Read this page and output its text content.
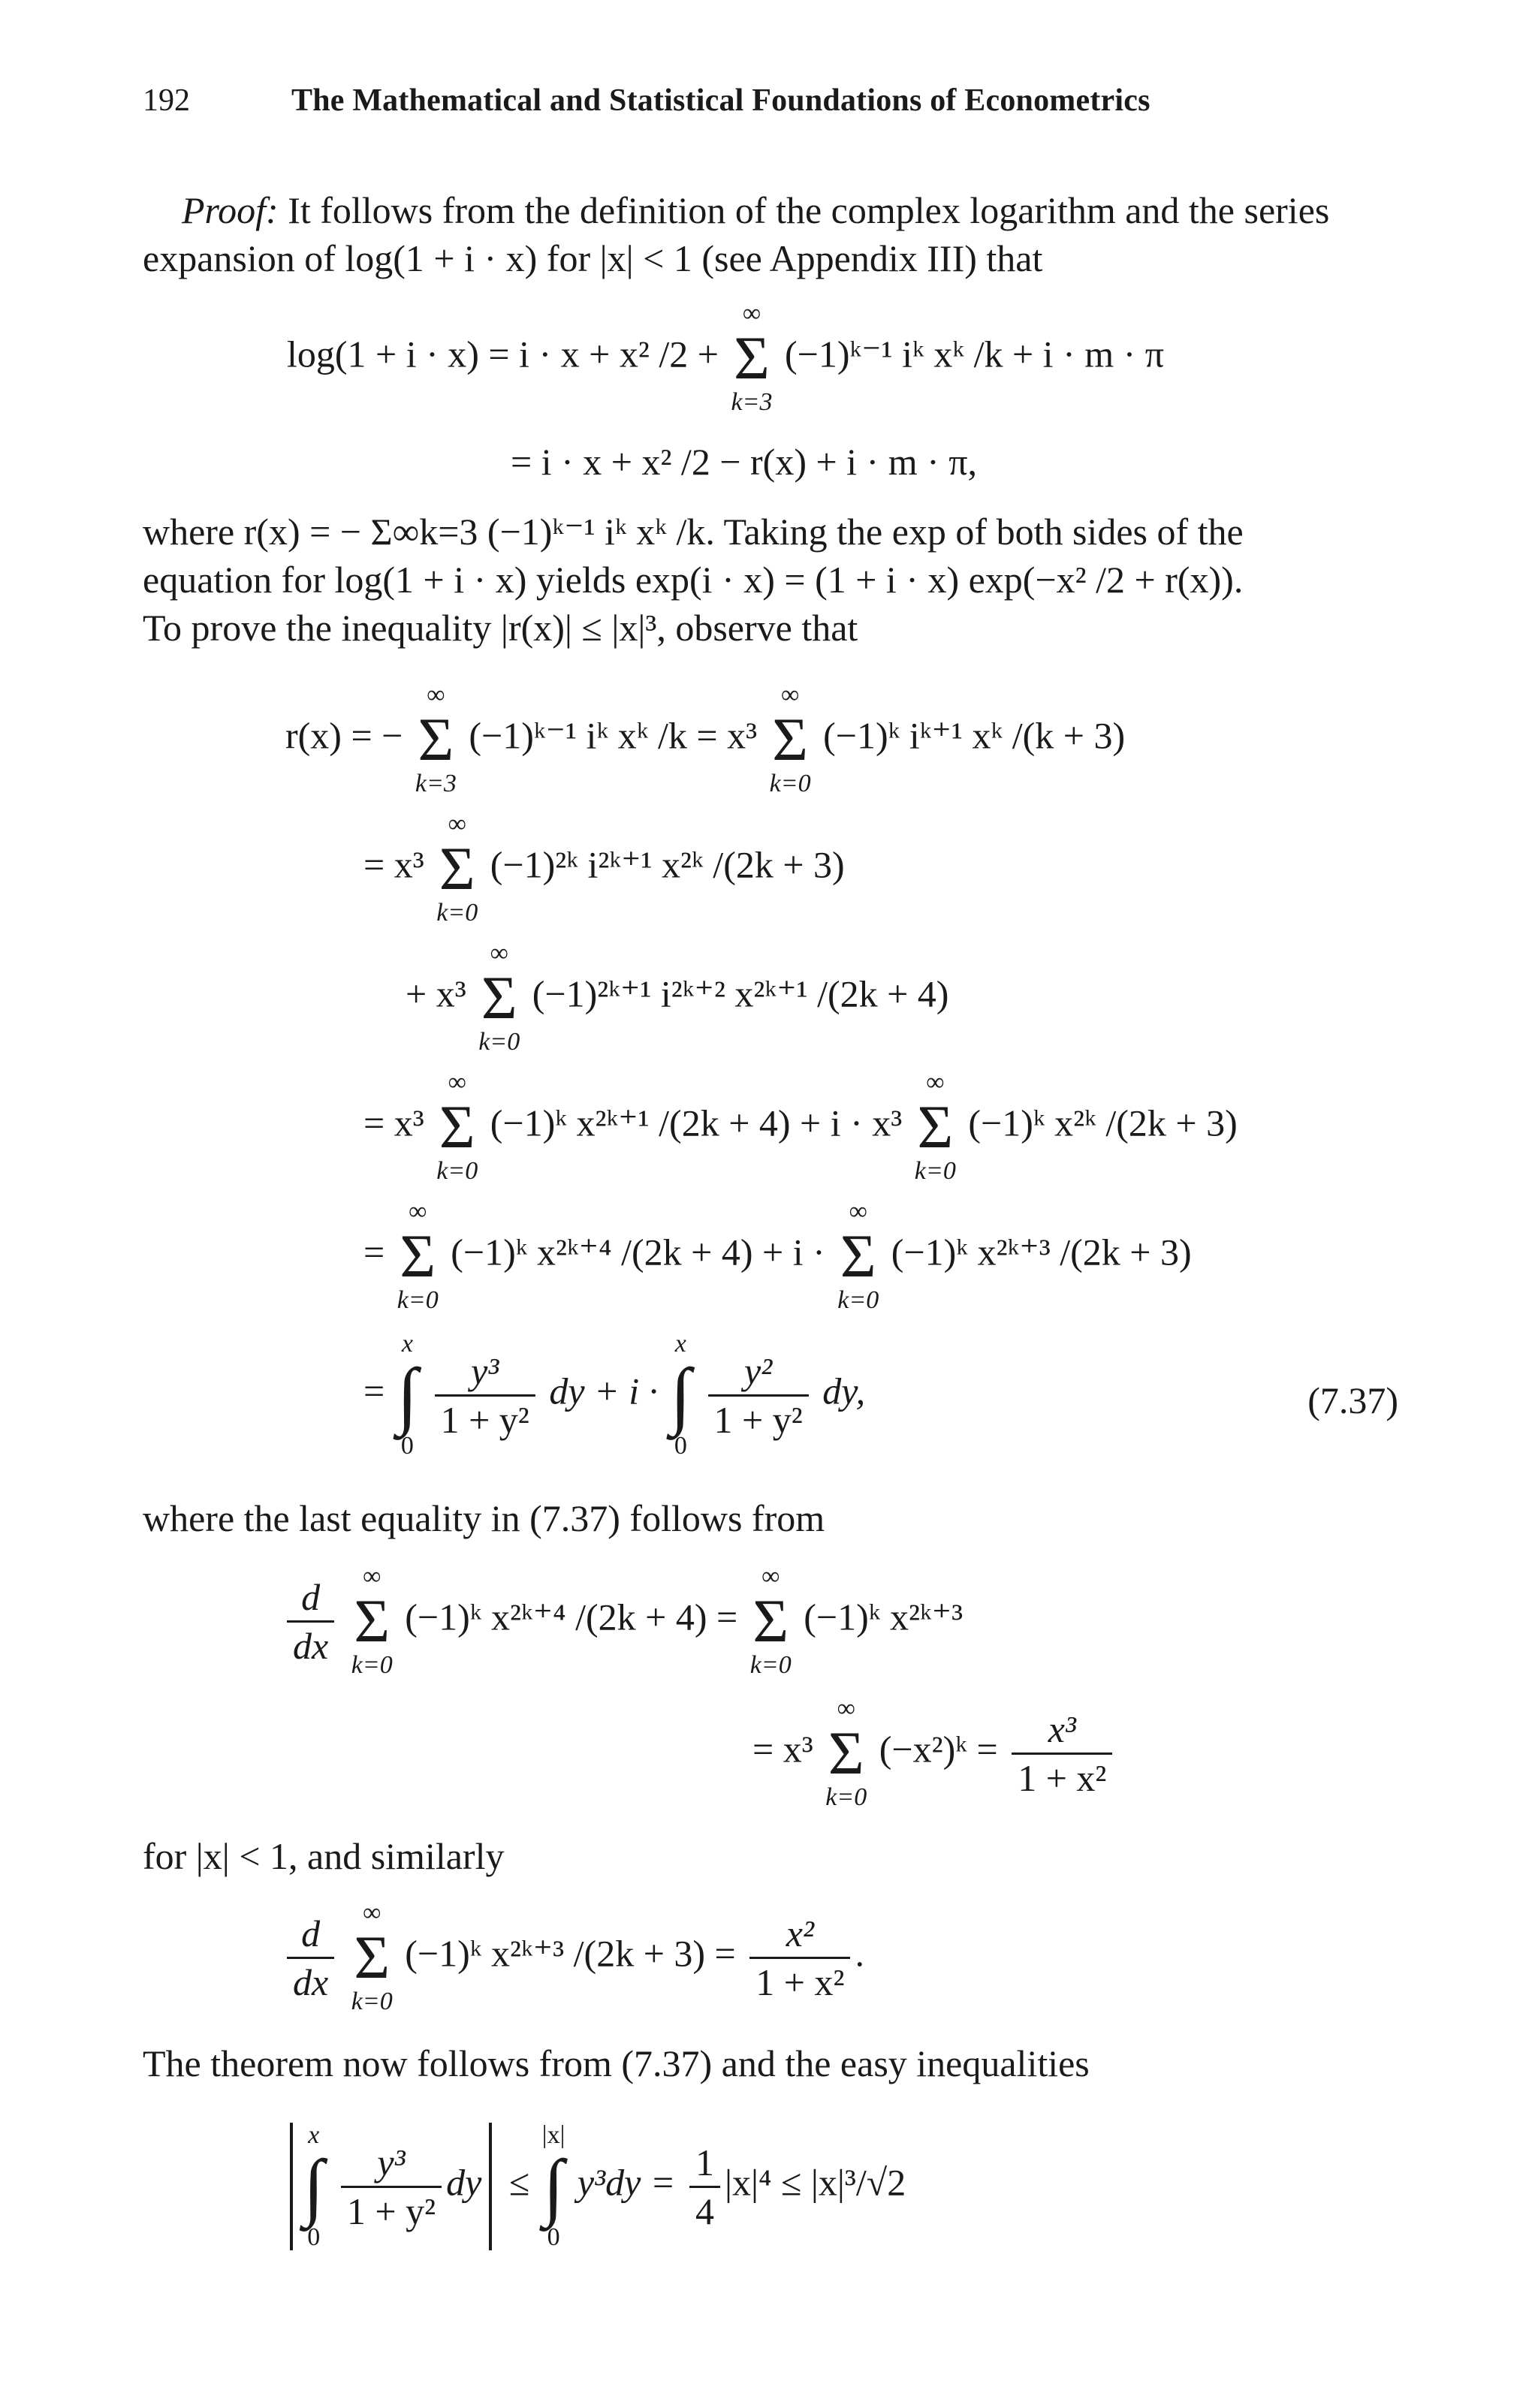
192	The Mathematical and Statistical Foundations of Econometrics
Proof: It follows from the definition of the complex logarithm and the series
expansion of log(1 + i · x) for |x| < 1 (see Appendix III) that
log(1 + i · x) = i · x + x² /2 +
∞
Σ
k=3
(−1)ᵏ⁻¹ iᵏ xᵏ /k + i · m · π
= i · x + x² /2 − r(x) + i · m · π,
where r(x) = − Σ∞k=3 (−1)ᵏ⁻¹ iᵏ xᵏ /k. Taking the exp of both sides of the
equation for log(1 + i · x) yields exp(i · x) = (1 + i · x) exp(−x² /2 + r(x)).
To prove the inequality |r(x)| ≤ |x|³, observe that
r(x) = −
∞
Σ
k=3
(−1)ᵏ⁻¹ iᵏ xᵏ /k = x³
∞
Σ
k=0
(−1)ᵏ iᵏ⁺¹ xᵏ /(k + 3)
= x³
∞
Σ
k=0
(−1)²ᵏ i²ᵏ⁺¹ x²ᵏ /(2k + 3)
+ x³
∞
Σ
k=0
(−1)²ᵏ⁺¹ i²ᵏ⁺² x²ᵏ⁺¹ /(2k + 4)
= x³
∞
Σ
k=0
(−1)ᵏ x²ᵏ⁺¹ /(2k + 4) + i · x³
∞
Σ
k=0
(−1)ᵏ x²ᵏ /(2k + 3)
=
∞
Σ
k=0
(−1)ᵏ x²ᵏ⁺⁴ /(2k + 4) + i ·
∞
Σ
k=0
(−1)ᵏ x²ᵏ⁺³ /(2k + 3)
=
x
∫
0

$\frac{\text{y³}}{\text{1 + y²}}$ dy + i ·
x
∫
0

$\frac{\text{y²}}{\text{1 + y²}}$ dy,	(7.37)
where the last equality in (7.37) follows from
$\frac{d}{dx}$

∞
Σ
k=0
(−1)ᵏ x²ᵏ⁺⁴ /(2k + 4) =
∞
Σ
k=0
(−1)ᵏ x²ᵏ⁺³
= x³
∞
Σ
k=0
(−x²)ᵏ = $\frac{\text{x³}}{\text{1 + x²}}$
for |x| < 1, and similarly
$\frac{d}{dx}$

∞
Σ
k=0
(−1)ᵏ x²ᵏ⁺³ $/(2k + 3) = \frac{\text{x²}}{\text{1 + x²}}$ .
The theorem now follows from (7.37) and the easy inequalities
x
∫
0

$\frac{\text{y³}}{\text{1 + y²}}$ dy ≤
|x|
∫
0
$y^3dy = \frac{1}{4} |x|^4 \le |x|^3/√2$
